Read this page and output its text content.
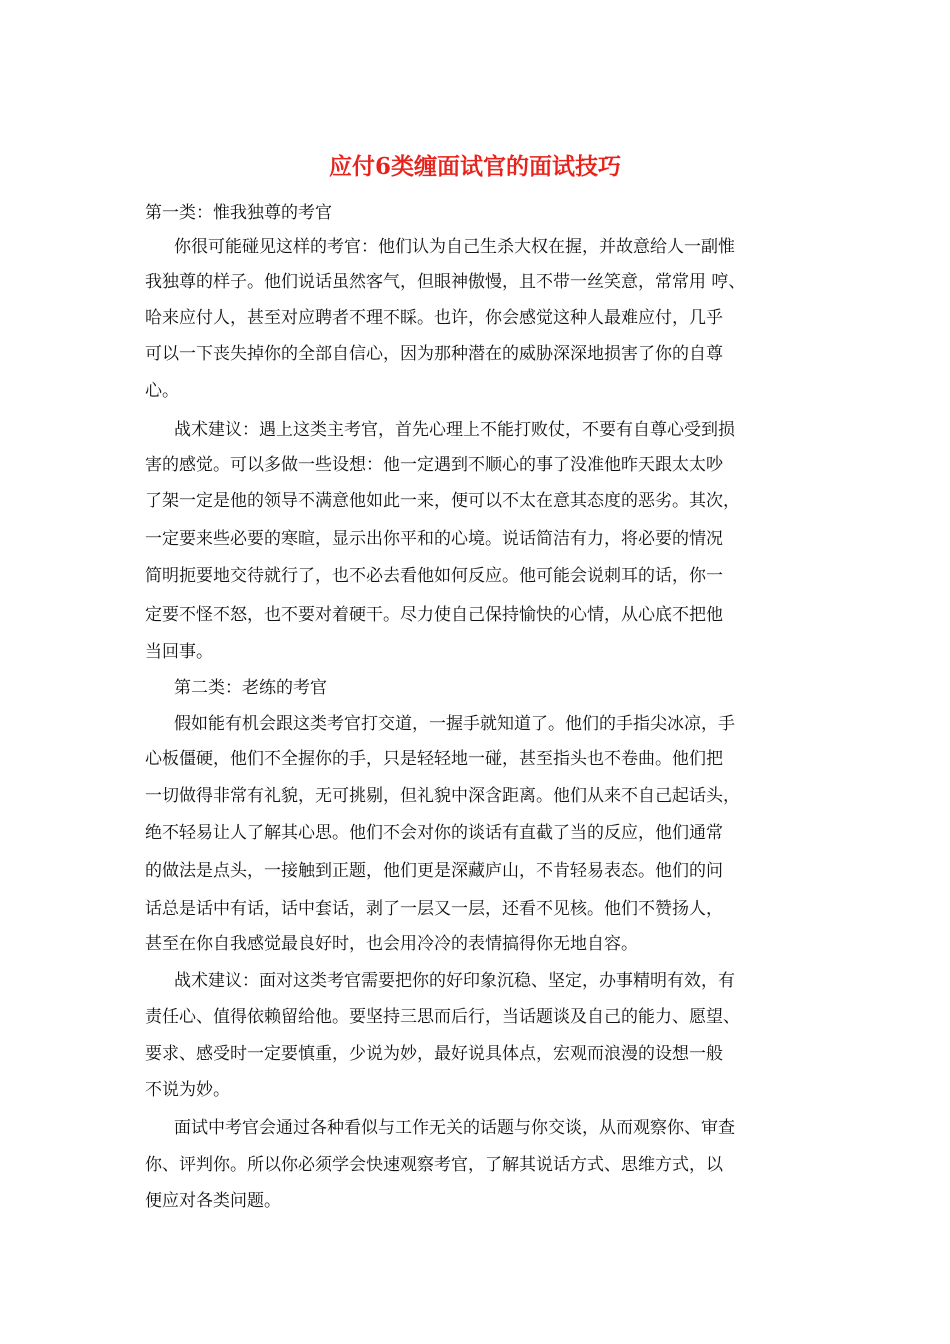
应付6类缠面试官的面试技巧
第一类：惟我独尊的考官
你很可能碰见这样的考官：他们认为自己生杀大权在握，并故意给人一副惟
我独尊的样子。他们说话虽然客气，但眼神傲慢，且不带一丝笑意，常常用 哼、
哈来应付人，甚至对应聘者不理不睬。也许，你会感觉这种人最难应付，几乎
可以一下丧失掉你的全部自信心，因为那种潜在的威胁深深地损害了你的自尊
心。
战术建议：遇上这类主考官，首先心理上不能打败仗，不要有自尊心受到损
害的感觉。可以多做一些设想：他一定遇到不顺心的事了没准他昨天跟太太吵
了架一定是他的领导不满意他如此一来，便可以不太在意其态度的恶劣。其次，
一定要来些必要的寒暄，显示出你平和的心境。说话简洁有力，将必要的情况
简明扼要地交待就行了，也不必去看他如何反应。他可能会说刺耳的话，你一
定要不怪不怒，也不要对着硬干。尽力使自己保持愉快的心情，从心底不把他
当回事。
第二类：老练的考官
假如能有机会跟这类考官打交道，一握手就知道了。他们的手指尖冰凉，手
心板僵硬，他们不全握你的手，只是轻轻地一碰，甚至指头也不卷曲。他们把
一切做得非常有礼貌，无可挑剔，但礼貌中深含距离。他们从来不自己起话头，
绝不轻易让人了解其心思。他们不会对你的谈话有直截了当的反应，他们通常
的做法是点头，一接触到正题，他们更是深藏庐山，不肯轻易表态。他们的问
话总是话中有话，话中套话，剥了一层又一层，还看不见核。他们不赞扬人，
甚至在你自我感觉最良好时，也会用冷冷的表情搞得你无地自容。
战术建议：面对这类考官需要把你的好印象沉稳、坚定，办事精明有效，有
责任心、值得依赖留给他。要坚持三思而后行，当话题谈及自己的能力、愿望、
要求、感受时一定要慎重，少说为妙，最好说具体点，宏观而浪漫的设想一般
不说为妙。
面试中考官会通过各种看似与工作无关的话题与你交谈，从而观察你、审查
你、评判你。所以你必须学会快速观察考官，了解其说话方式、思维方式，以
便应对各类问题。
